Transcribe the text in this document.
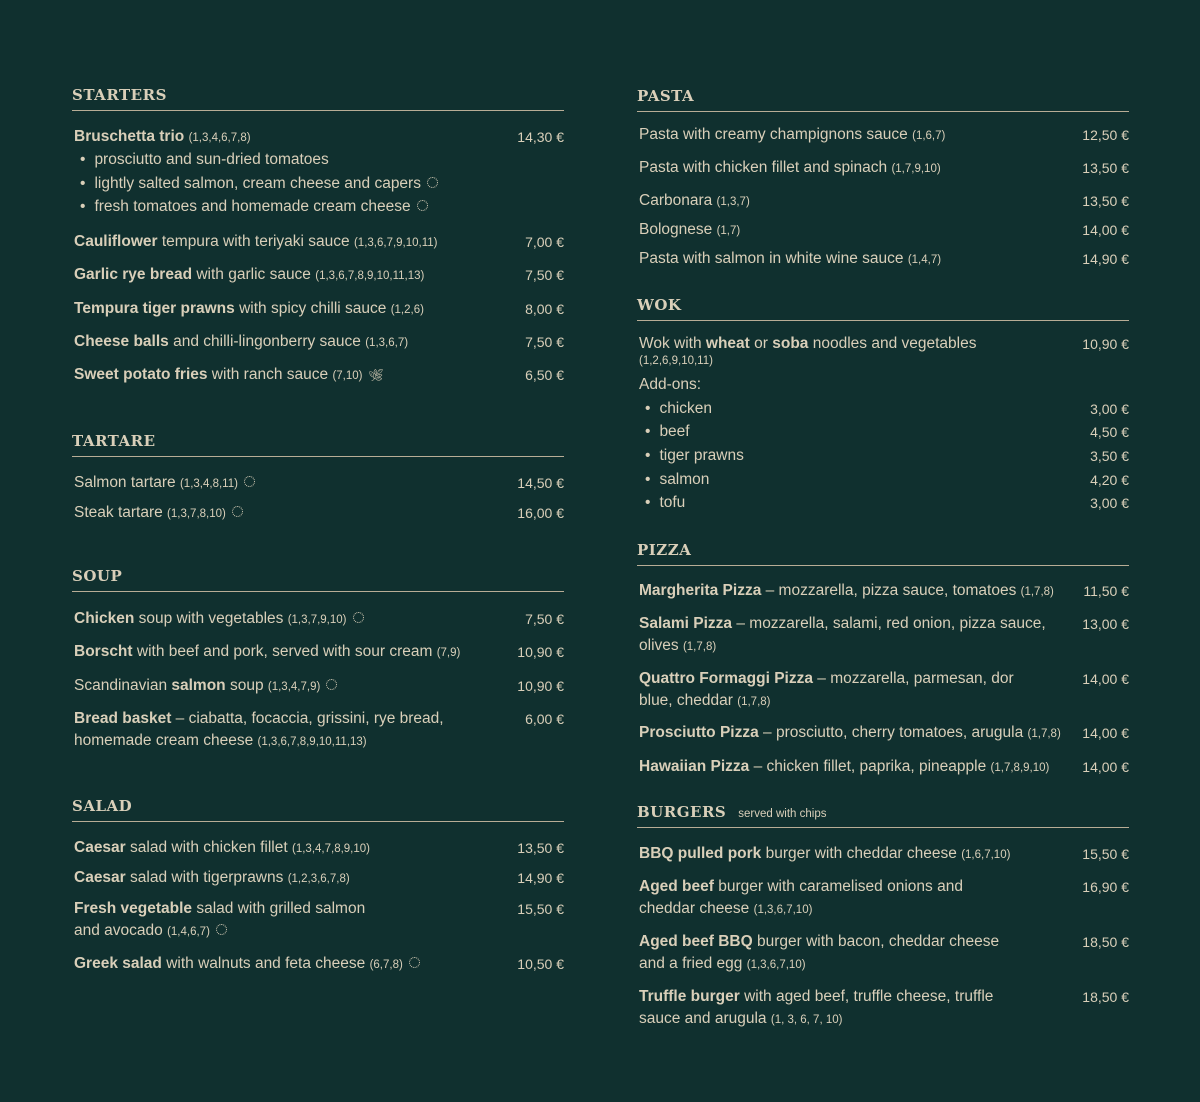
STARTERS
Bruschetta trio (1,3,4,6,7,8)	14,30 €
• prosciutto and sun-dried tomatoes
• lightly salted salmon, cream cheese and capers
• fresh tomatoes and homemade cream cheese
Cauliflower tempura with teriyaki sauce (1,3,6,7,9,10,11)	7,00 €
Garlic rye bread with garlic sauce (1,3,6,7,8,9,10,11,13)	7,50 €
Tempura tiger prawns with spicy chilli sauce (1,2,6)	8,00 €
Cheese balls and chilli-lingonberry sauce (1,3,6,7)	7,50 €
Sweet potato fries with ranch sauce (7,10) 🌿︎	6,50 €
TARTARE
Salmon tartare (1,3,4,8,11)	14,50 €
Steak tartare (1,3,7,8,10)	16,00 €
SOUP
Chicken soup with vegetables (1,3,7,9,10)	7,50 €
Borscht with beef and pork, served with sour cream (7,9)	10,90 €
Scandinavian salmon soup (1,3,4,7,9)	10,90 €
Bread basket – ciabatta, focaccia, grissini, rye bread,
homemade cream cheese (1,3,6,7,8,9,10,11,13)
6,00 €
SALAD
Caesar salad with chicken fillet (1,3,4,7,8,9,10)	13,50 €
Caesar salad with tigerprawns (1,2,3,6,7,8)	14,90 €
Fresh vegetable salad with grilled salmon
and avocado (1,4,6,7)
15,50 €
Greek salad with walnuts and feta cheese (6,7,8)	10,50 €
PASTA
Pasta with creamy champignons sauce (1,6,7)	12,50 €
Pasta with chicken fillet and spinach (1,7,9,10)	13,50 €
Carbonara (1,3,7)	13,50 €
Bolognese (1,7)	14,00 €
Pasta with salmon in white wine sauce (1,4,7)	14,90 €
WOK
Wok with wheat or soba noodles and vegetables
$^{(1,2,6,9,10,11)}$
10,90 €
Add-ons:
• chicken	3,00 €
• beef	4,50 €
• tiger prawns	3,50 €
• salmon	4,20 €
• tofu	3,00 €
PIZZA
Margherita Pizza – mozzarella, pizza sauce, tomatoes (1,7,8)	11,50 €
Salami Pizza – mozzarella, salami, red onion, pizza sauce,
olives (1,7,8)
13,00 €
Quattro Formaggi Pizza – mozzarella, parmesan, dor
blue, cheddar (1,7,8)
14,00 €
Prosciutto Pizza – prosciutto, cherry tomatoes, arugula (1,7,8)	14,00 €
Hawaiian Pizza – chicken fillet, paprika, pineapple (1,7,8,9,10)	14,00 €
BURGERS served with chips
BBQ pulled pork burger with cheddar cheese (1,6,7,10)	15,50 €
Aged beef burger with caramelised onions and
cheddar cheese (1,3,6,7,10)
16,90 €
Aged beef BBQ burger with bacon, cheddar cheese
and a fried egg (1,3,6,7,10)
18,50 €
Truffle burger with aged beef, truffle cheese, truffle
sauce and arugula (1, 3, 6, 7, 10)
18,50 €
